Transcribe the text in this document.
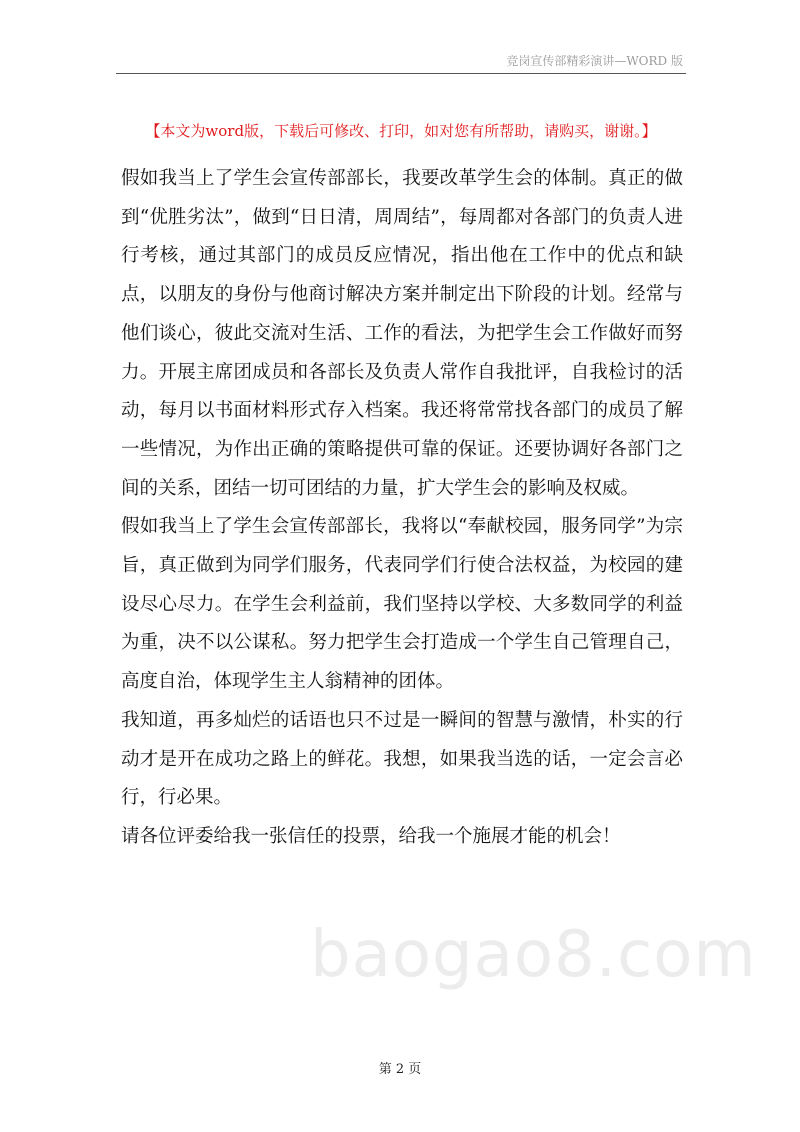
竞岗宣传部精彩演讲—WORD 版
【本文为word版，下载后可修改、打印，如对您有所帮助，请购买，谢谢。】

假如我当上了学生会宣传部部长，我要改革学生会的体制。真正的做到“优胜劣汰”，做到“日日清，周周结”，每周都对各部门的负责人进行考核，通过其部门的成员反应情况，指出他在工作中的优点和缺点，以朋友的身份与他商讨解决方案并制定出下阶段的计划。经常与他们谈心，彼此交流对生活、工作的看法，为把学生会工作做好而努力。开展主席团成员和各部长及负责人常作自我批评，自我检讨的活动，每月以书面材料形式存入档案。我还将常常找各部门的成员了解一些情况，为作出正确的策略提供可靠的保证。还要协调好各部门之间的关系，团结一切可团结的力量，扩大学生会的影响及权威。

假如我当上了学生会宣传部部长，我将以“奉献校园，服务同学”为宗旨，真正做到为同学们服务，代表同学们行使合法权益，为校园的建设尽心尽力。在学生会利益前，我们坚持以学校、大多数同学的利益为重，决不以公谋私。努力把学生会打造成一个学生自己管理自己，高度自治，体现学生主人翁精神的团体。

我知道，再多灿烂的话语也只不过是一瞬间的智慧与激情，朴实的行动才是开在成功之路上的鲜花。我想，如果我当选的话，一定会言必行，行必果。

请各位评委给我一张信任的投票，给我一个施展才能的机会！

baogao8.com
第 2 页
